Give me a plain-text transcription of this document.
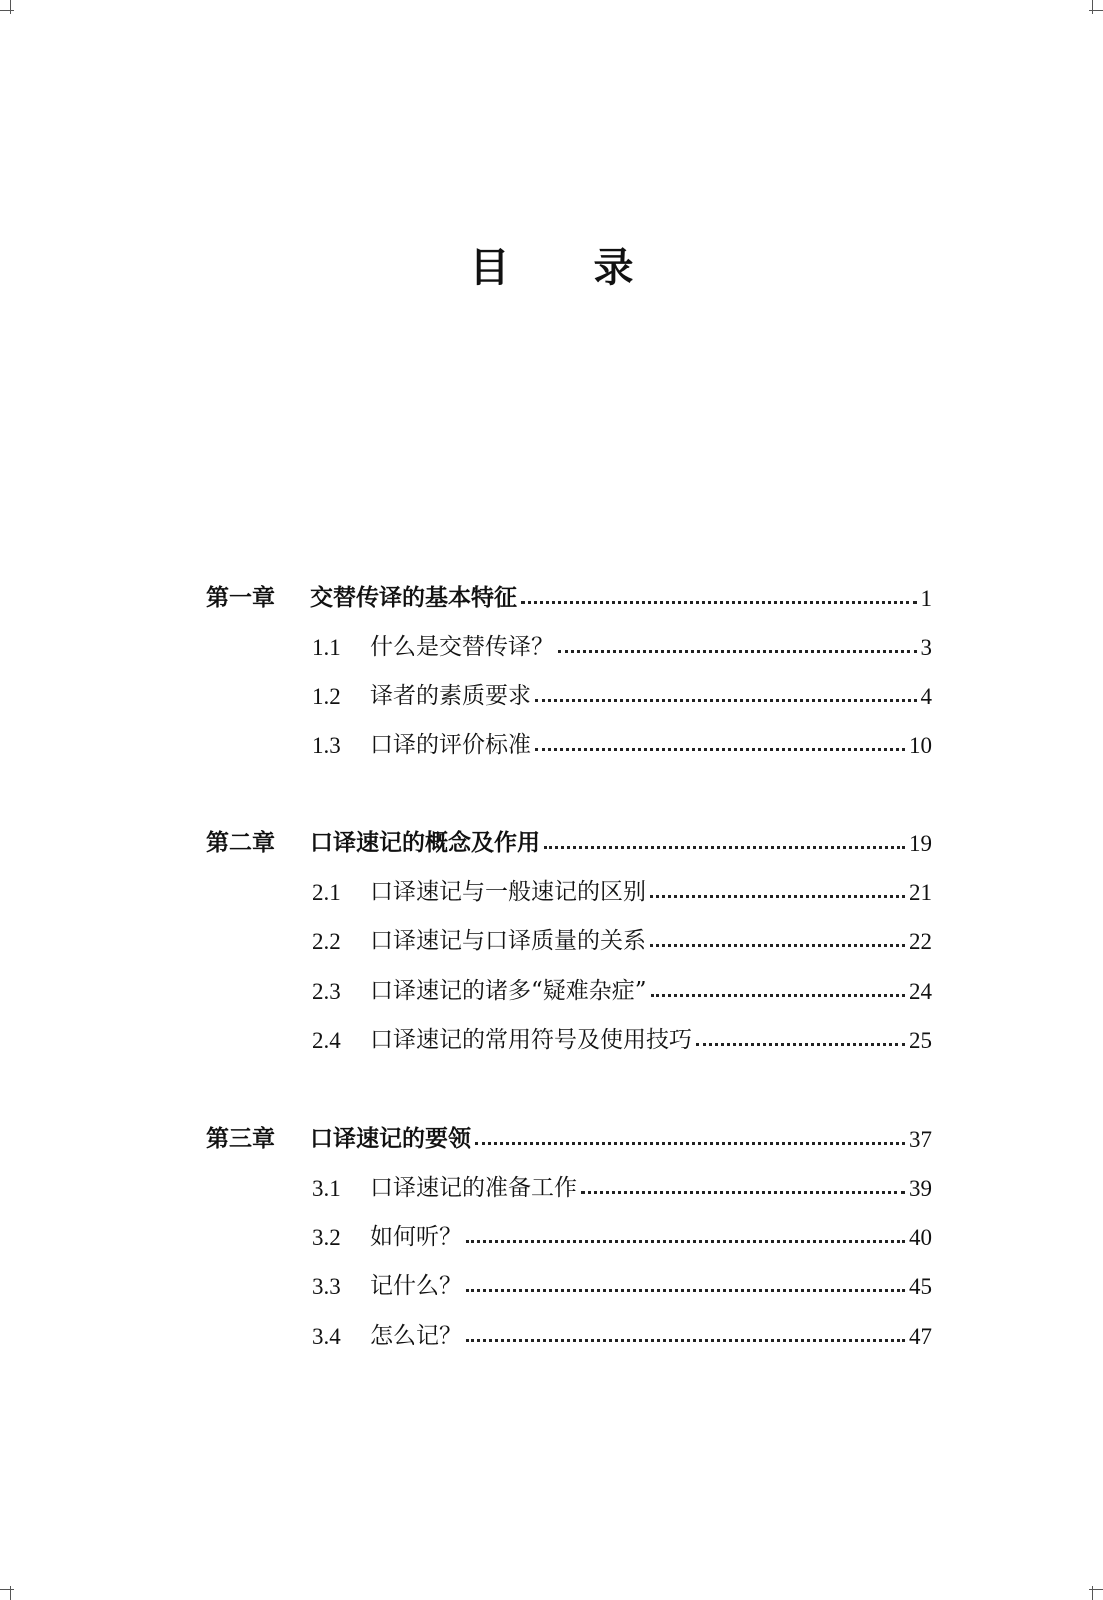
目 录
第一章	交替传译的基本特征	1
1.1	什么是交替传译？	3
1.2	译者的素质要求	4
1.3	口译的评价标准	10
第二章	口译速记的概念及作用	19
2.1	口译速记与一般速记的区别	21
2.2	口译速记与口译质量的关系	22
2.3	口译速记的诸多“疑难杂症”	24
2.4	口译速记的常用符号及使用技巧	25
第三章	口译速记的要领	37
3.1	口译速记的准备工作	39
3.2	如何听？	40
3.3	记什么？	45
3.4	怎么记？	47
